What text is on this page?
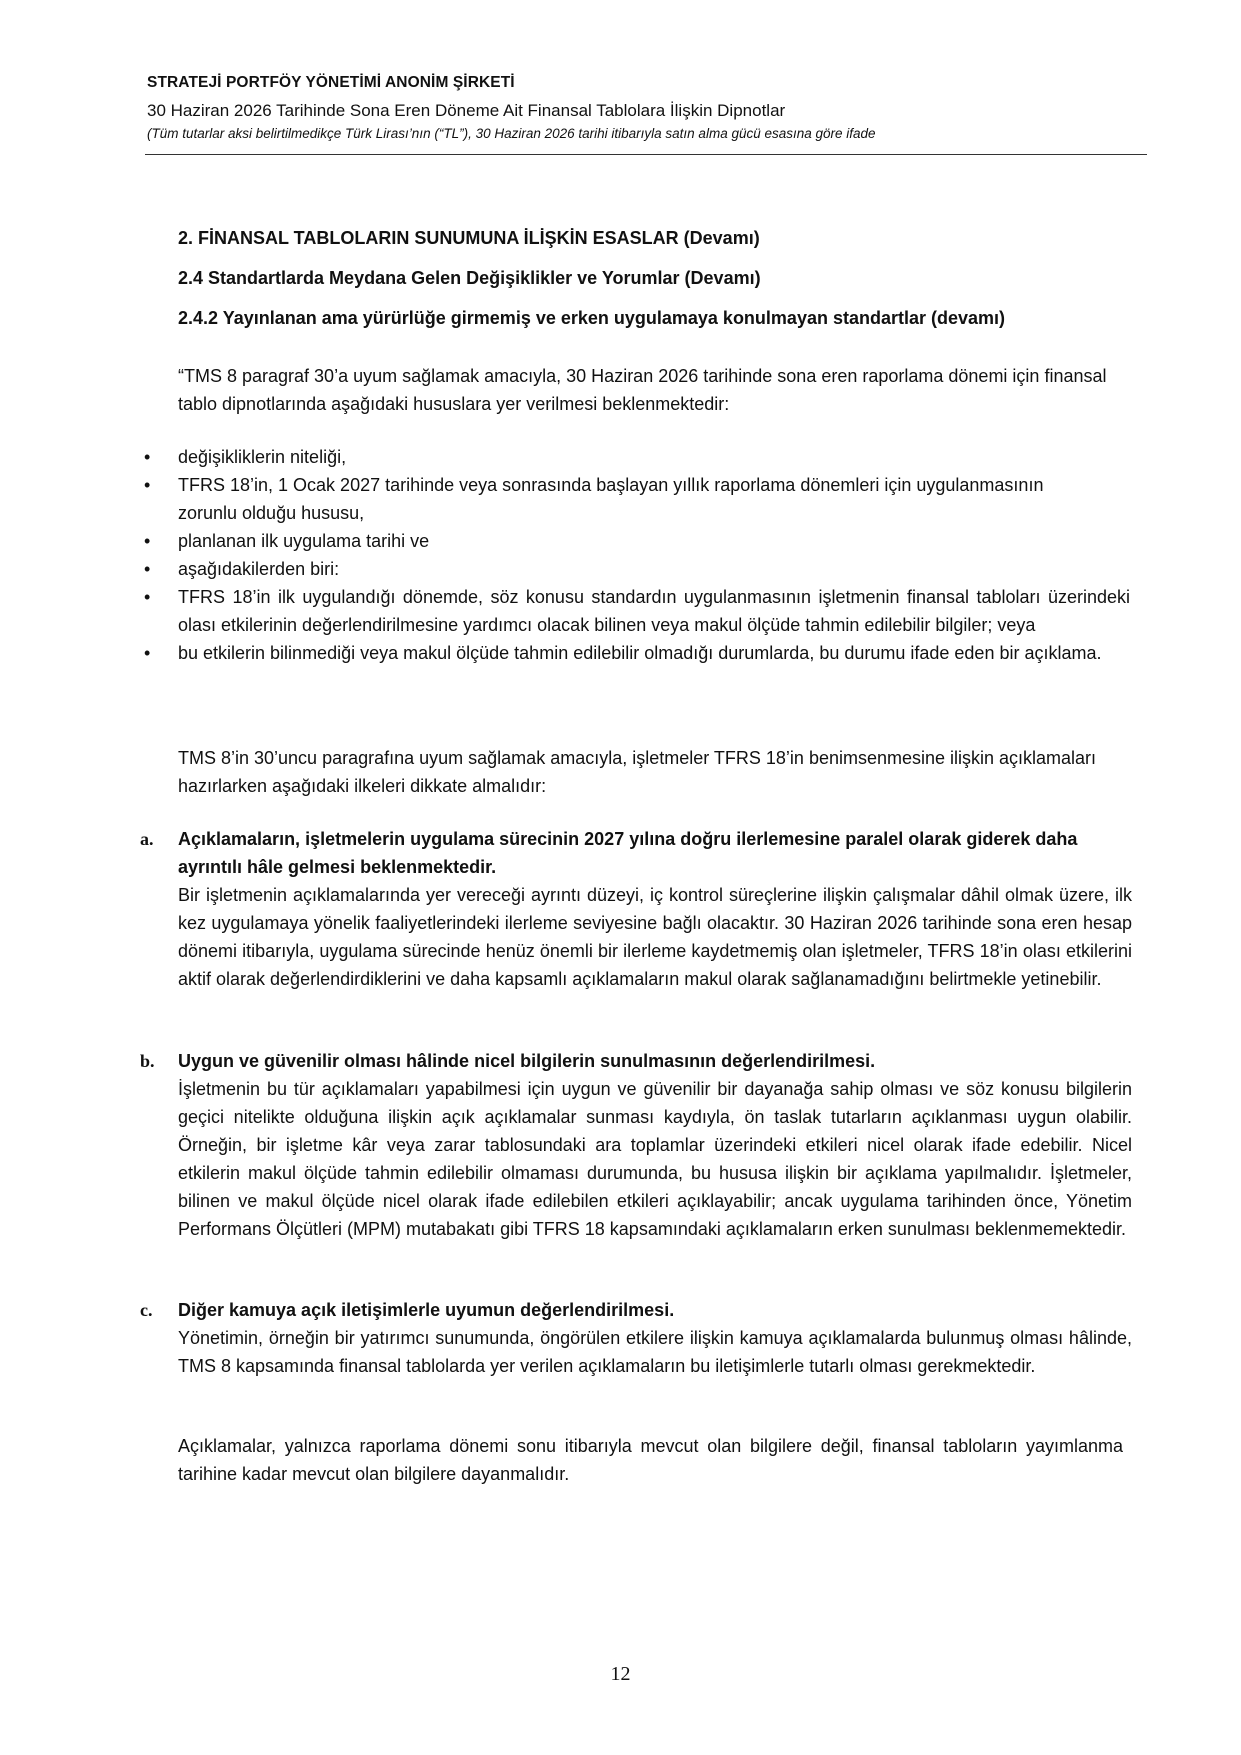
STRATEJİ PORTFÖY YÖNETİMİ ANONİM ŞİRKETİ
30 Haziran 2026 Tarihinde Sona Eren Döneme Ait Finansal Tablolara İlişkin Dipnotlar
(Tüm tutarlar aksi belirtilmedikçe Türk Lirası’nın (“TL”), 30 Haziran 2026 tarihi itibarıyla satın alma gücü esasına göre ifade
2. FİNANSAL TABLOLARIN SUNUMUNA İLİŞKİN ESASLAR (Devamı)
2.4 Standartlarda Meydana Gelen Değişiklikler ve Yorumlar (Devamı)
2.4.2 Yayınlanan ama yürürlüğe girmemiş ve erken uygulamaya konulmayan standartlar (devamı)
“TMS 8 paragraf 30’a uyum sağlamak amacıyla, 30 Haziran 2026 tarihinde sona eren raporlama dönemi için finansal tablo dipnotlarında aşağıdaki hususlara yer verilmesi beklenmektedir:
• değişikliklerin niteliği,
• TFRS 18’in, 1 Ocak 2027 tarihinde veya sonrasında başlayan yıllık raporlama dönemleri için uygulanmasının zorunlu olduğu hususu,
• planlanan ilk uygulama tarihi ve
• aşağıdakilerden biri:
• TFRS 18’in ilk uygulandığı dönemde, söz konusu standardın uygulanmasının işletmenin finansal tabloları üzerindeki olası etkilerinin değerlendirilmesine yardımcı olacak bilinen veya makul ölçüde tahmin edilebilir bilgiler; veya
• bu etkilerin bilinmediği veya makul ölçüde tahmin edilebilir olmadığı durumlarda, bu durumu ifade eden bir açıklama.
TMS 8’in 30’uncu paragrafına uyum sağlamak amacıyla, işletmeler TFRS 18’in benimsenmesine ilişkin açıklamaları hazırlarken aşağıdaki ilkeleri dikkate almalıdır:
a. Açıklamaların, işletmelerin uygulama sürecinin 2027 yılına doğru ilerlemesine paralel olarak giderek daha ayrıntılı hâle gelmesi beklenmektedir.
Bir işletmenin açıklamalarında yer vereceği ayrıntı düzeyi, iç kontrol süreçlerine ilişkin çalışmalar dâhil olmak üzere, ilk kez uygulamaya yönelik faaliyetlerindeki ilerleme seviyesine bağlı olacaktır. 30 Haziran 2026 tarihinde sona eren hesap dönemi itibarıyla, uygulama sürecinde henüz önemli bir ilerleme kaydetmemiş olan işletmeler, TFRS 18’in olası etkilerini aktif olarak değerlendirdiklerini ve daha kapsamlı açıklamaların makul olarak sağlanamadığını belirtmekle yetinebilir.
b. Uygun ve güvenilir olması hâlinde nicel bilgilerin sunulmasının değerlendirilmesi.
İşletmenin bu tür açıklamaları yapabilmesi için uygun ve güvenilir bir dayanağa sahip olması ve söz konusu bilgilerin geçici nitelikte olduğuna ilişkin açık açıklamalar sunması kaydıyla, ön taslak tutarların açıklanması uygun olabilir. Örneğin, bir işletme kâr veya zarar tablosundaki ara toplamlar üzerindeki etkileri nicel olarak ifade edebilir. Nicel etkilerin makul ölçüde tahmin edilebilir olmaması durumunda, bu hususa ilişkin bir açıklama yapılmalıdır. İşletmeler, bilinen ve makul ölçüde nicel olarak ifade edilebilen etkileri açıklayabilir; ancak uygulama tarihinden önce, Yönetim Performans Ölçütleri (MPM) mutabakatı gibi TFRS 18 kapsamındaki açıklamaların erken sunulması beklenmemektedir.
c. Diğer kamuya açık iletişimlerle uyumun değerlendirilmesi.
Yönetimin, örneğin bir yatırımcı sunumunda, öngörülen etkilere ilişkin kamuya açıklamalarda bulunmuş olması hâlinde, TMS 8 kapsamında finansal tablolarda yer verilen açıklamaların bu iletişimlerle tutarlı olması gerekmektedir.
Açıklamalar, yalnızca raporlama dönemi sonu itibarıyla mevcut olan bilgilere değil, finansal tabloların yayımlanma tarihine kadar mevcut olan bilgilere dayanmalıdır.
12
